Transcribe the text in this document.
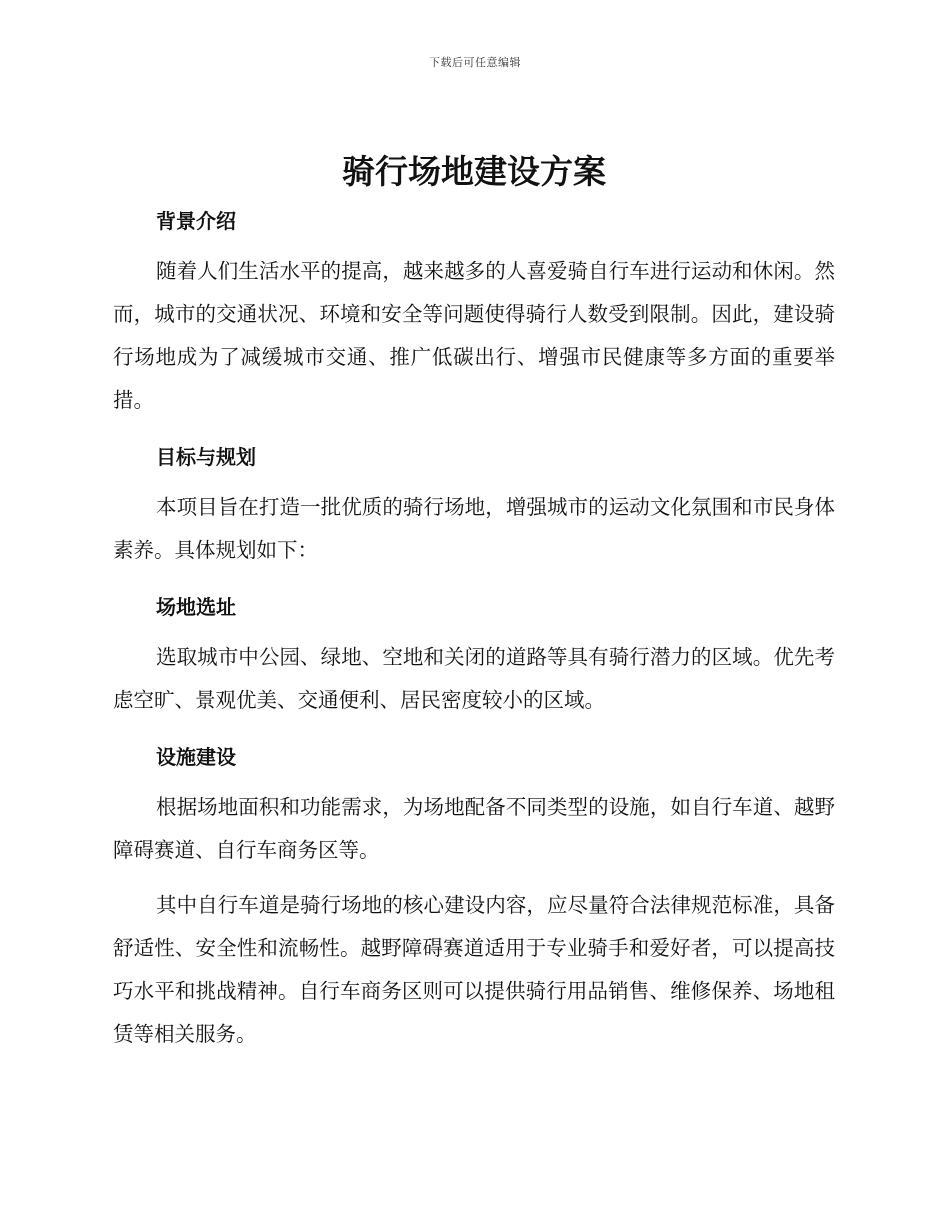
下载后可任意编辑
骑行场地建设方案
背景介绍

随着人们生活水平的提高，越来越多的人喜爱骑自行车进行运动和休闲。然而，城市的交通状况、环境和安全等问题使得骑行人数受到限制。因此，建设骑行场地成为了减缓城市交通、推广低碳出行、增强市民健康等多方面的重要举措。

目标与规划

本项目旨在打造一批优质的骑行场地，增强城市的运动文化氛围和市民身体素养。具体规划如下：

场地选址

选取城市中公园、绿地、空地和关闭的道路等具有骑行潜力的区域。优先考虑空旷、景观优美、交通便利、居民密度较小的区域。

设施建设

根据场地面积和功能需求，为场地配备不同类型的设施，如自行车道、越野障碍赛道、自行车商务区等。

其中自行车道是骑行场地的核心建设内容，应尽量符合法律规范标准，具备舒适性、安全性和流畅性。越野障碍赛道适用于专业骑手和爱好者，可以提高技巧水平和挑战精神。自行车商务区则可以提供骑行用品销售、维修保养、场地租赁等相关服务。
